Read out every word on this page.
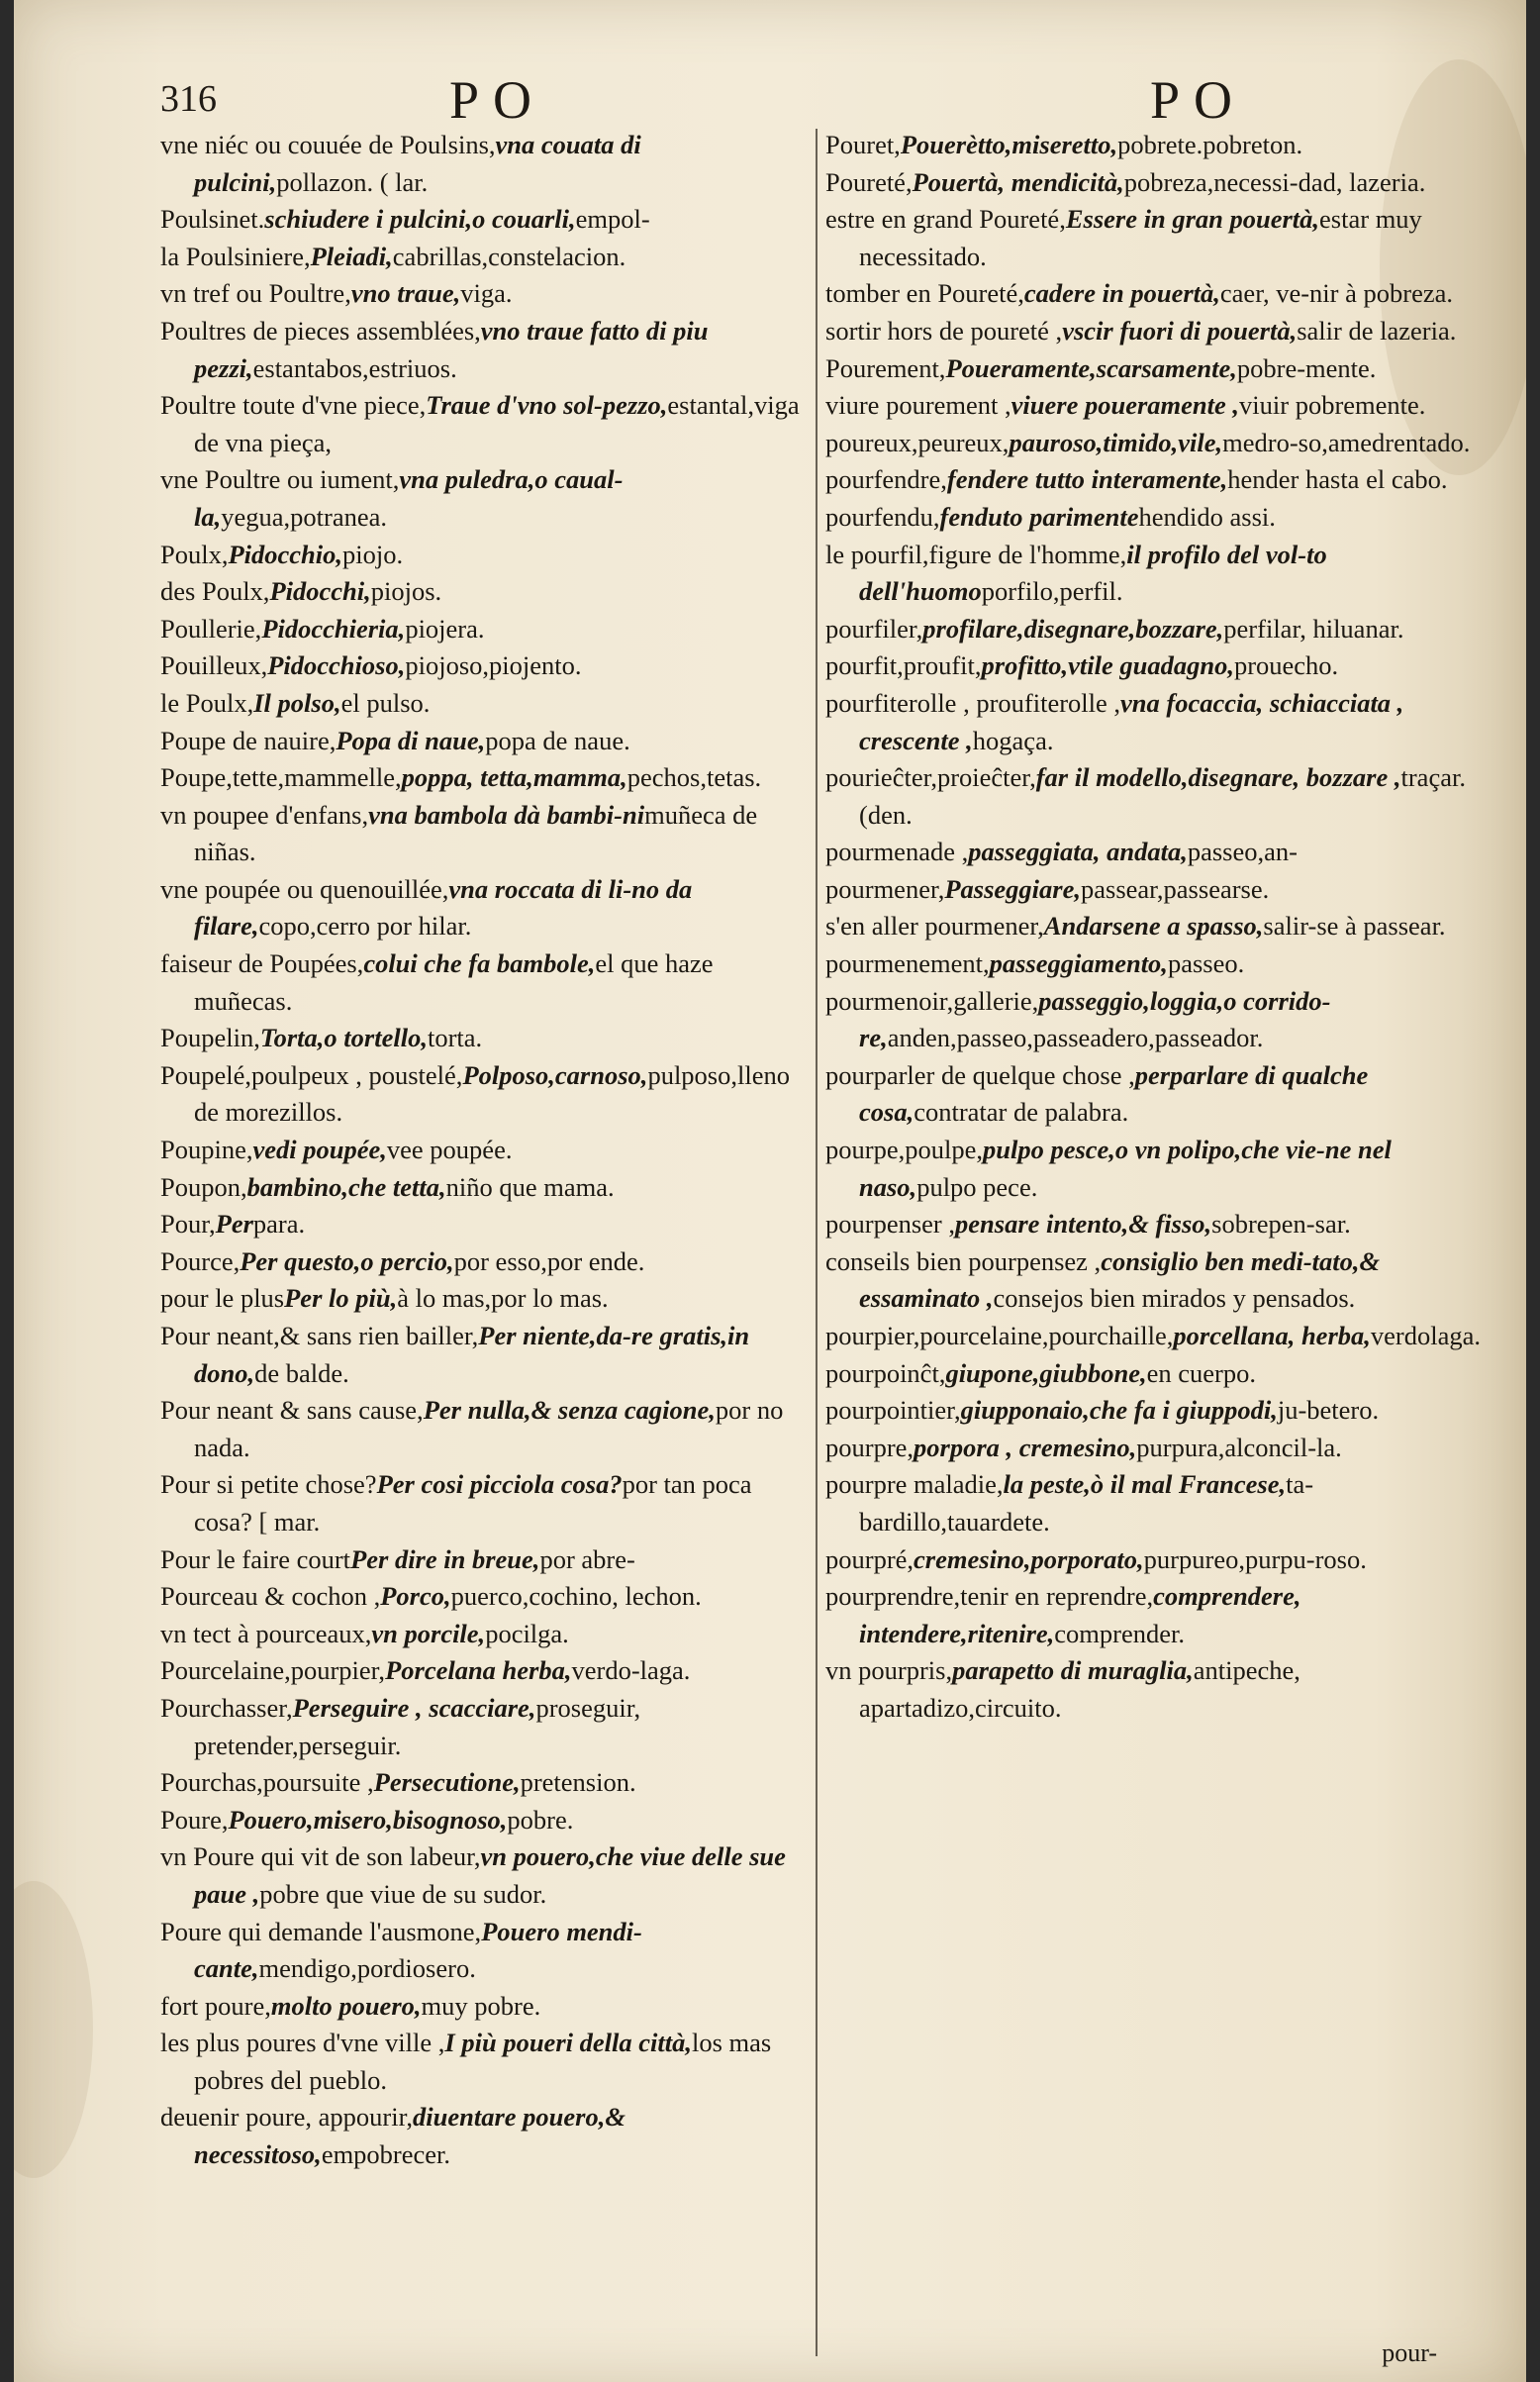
316	PO	PO
vne niéc ou couuée de Poulsins,vna couata di pulcini,pollazon. ( lar.
Poulsinet.schiudere i pulcini,o couarli,empol-
la Poulsiniere,Pleiadi,cabrillas,constelacion.
vn tref ou Poultre,vno traue,viga.
Poultres de pieces assemblées,vno traue fatto di piu pezzi,estantabos,estriuos.
Poultre toute d'vne piece,Traue d'vno sol-pezzo,estantal,viga de vna pieça,
vne Poultre ou iument,vna puledra,o caual-la,yegua,potranea.
Poulx,Pidocchio,piojo.
des Poulx,Pidocchi,piojos.
Poullerie,Pidocchieria,piojera.
Pouilleux,Pidocchioso,piojoso,piojento.
le Poulx,Il polso,el pulso.
Poupe de nauire,Popa di naue,popa de naue.
Poupe,tette,mammelle,poppa, tetta,mamma,pechos,tetas.
vn poupee d'enfans,vna bambola dà bambi-nimuñeca de niñas.
vne poupée ou quenouillée,vna roccata di li-no da filare,copo,cerro por hilar.
faiseur de Poupées,colui che fa bambole,el que haze muñecas.
Poupelin,Torta,o tortello,torta.
Poupelé,poulpeux , poustelé,Polposo,carnoso,pulposo,lleno de morezillos.
Poupine,vedi poupée,vee poupée.
Poupon,bambino,che tetta,niño que mama.
Pour,Perpara.
Pource,Per questo,o percio,por esso,por ende.
pour le plusPer lo più,à lo mas,por lo mas.
Pour neant,& sans rien bailler,Per niente,da-re gratis,in dono,de balde.
Pour neant & sans cause,Per nulla,& senza cagione,por no nada.
Pour si petite chose?Per cosi picciola cosa?por tan poca cosa? [ mar.
Pour le faire courtPer dire in breue,por abre-
Pourceau & cochon ,Porco,puerco,cochino, lechon.
vn tect à pourceaux,vn porcile,pocilga.
Pourcelaine,pourpier,Porcelana herba,verdo-laga.
Pourchasser,Perseguire , scacciare,proseguir, pretender,perseguir.
Pourchas,poursuite ,Persecutione,pretension.
Poure,Pouero,misero,bisognoso,pobre.
vn Poure qui vit de son labeur,vn pouero,che viue delle sue paue ,pobre que viue de su sudor.
Poure qui demande l'ausmone,Pouero mendi-cante,mendigo,pordiosero.
fort poure,molto pouero,muy pobre.
les plus poures d'vne ville ,I più poueri della città,los mas pobres del pueblo.
deuenir poure, appourir,diuentare pouero,& necessitoso,empobrecer.
Pouret,Pouerètto,miseretto,pobrete.pobreton.
Poureté,Pouertà, mendicità,pobreza,necessi-dad, lazeria.
estre en grand Poureté,Essere in gran pouertà,estar muy necessitado.
tomber en Poureté,cadere in pouertà,caer, ve-nir à pobreza.
sortir hors de poureté ,vscir fuori di pouertà,salir de lazeria.
Pourement,Poueramente,scarsamente,pobre-mente.
viure pourement ,viuere poueramente ,viuir pobremente.
poureux,peureux,pauroso,timido,vile,medro-so,amedrentado.
pourfendre,fendere tutto interamente,hender hasta el cabo.
pourfendu,fenduto parimentehendido assi.
le pourfil,figure de l'homme,il profilo del vol-to dell'huomoporfilo,perfil.
pourfiler,profilare,disegnare,bozzare,perfilar, hiluanar.
pourfit,proufit,profitto,vtile guadagno,prouecho.
pourfiterolle , proufiterolle ,vna focaccia, schiacciata , crescente ,hogaça.
pourieĉter,proieĉter,far il modello,disegnare, bozzare ,traçar. (den.
pourmenade ,passeggiata, andata,passeo,an-
pourmener,Passeggiare,passear,passearse.
s'en aller pourmener,Andarsene a spasso,salir-se à passear.
pourmenement,passeggiamento,passeo.
pourmenoir,gallerie,passeggio,loggia,o corrido-re,anden,passeo,passeadero,passeador.
pourparler de quelque chose ,perparlare di qualche cosa,contratar de palabra.
pourpe,poulpe,pulpo pesce,o vn polipo,che vie-ne nel naso,pulpo pece.
pourpenser ,pensare intento,& fisso,sobrepen-sar.
conseils bien pourpensez ,consiglio ben medi-tato,& essaminato ,consejos bien mirados y pensados.
pourpier,pourcelaine,pourchaille,porcellana, herba,verdolaga.
pourpoinĉt,giupone,giubbone,en cuerpo.
pourpointier,giupponaio,che fa i giuppodi,ju-betero.
pourpre,porpora , cremesino,purpura,alconcil-la.
pourpre maladie,la peste,ò il mal Francese,ta-bardillo,tauardete.
pourpré,cremesino,porporato,purpureo,purpu-roso.
pourprendre,tenir en reprendre,comprendere, intendere,ritenire,comprender.
vn pourpris,parapetto di muraglia,antipeche, apartadizo,circuito.
pour-
